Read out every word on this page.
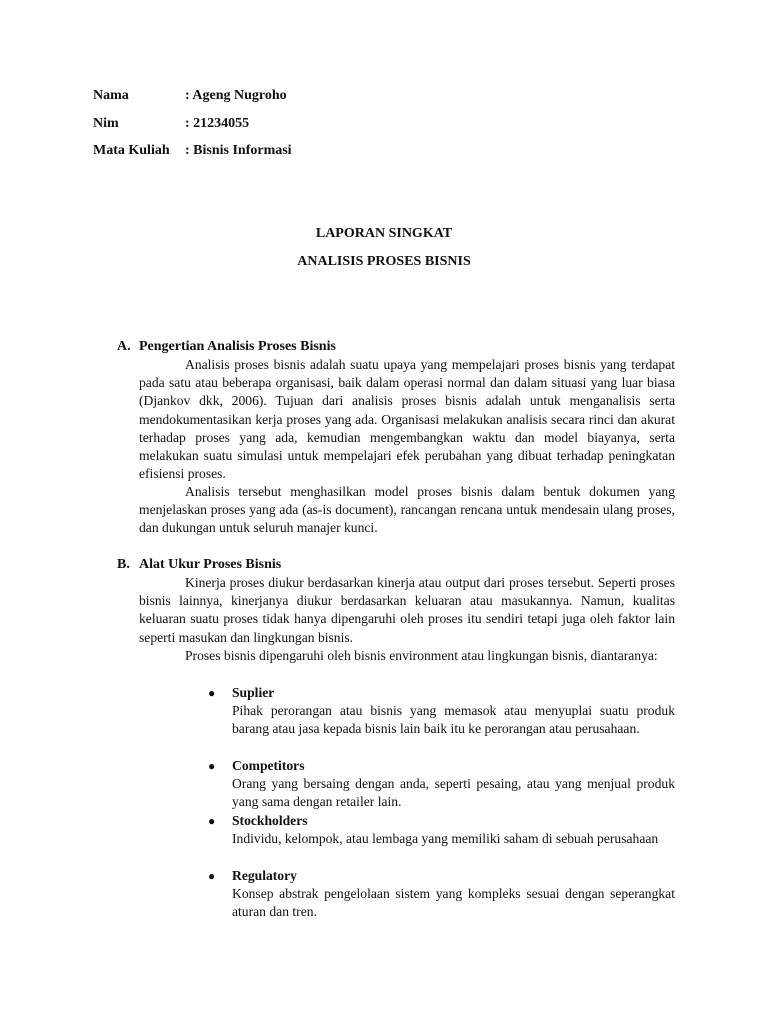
Nama	: Ageng Nugroho
Nim	: 21234055
Mata Kuliah	: Bisnis Informasi
LAPORAN SINGKAT
ANALISIS PROSES BISNIS
A. Pengertian Analisis Proses Bisnis

Analisis proses bisnis adalah suatu upaya yang mempelajari proses bisnis yang terdapat pada satu atau beberapa organisasi, baik dalam operasi normal dan dalam situasi yang luar biasa (Djankov dkk, 2006). Tujuan dari analisis proses bisnis adalah untuk menganalisis serta mendokumentasikan kerja proses yang ada. Organisasi melakukan analisis secara rinci dan akurat terhadap proses yang ada, kemudian mengembangkan waktu dan model biayanya, serta melakukan suatu simulasi untuk mempelajari efek perubahan yang dibuat terhadap peningkatan efisiensi proses.

Analisis tersebut menghasilkan model proses bisnis dalam bentuk dokumen yang menjelaskan proses yang ada (as-is document), rancangan rencana untuk mendesain ulang proses, dan dukungan untuk seluruh manajer kunci.

B. Alat Ukur Proses Bisnis

Kinerja proses diukur berdasarkan kinerja atau output dari proses tersebut. Seperti proses bisnis lainnya, kinerjanya diukur berdasarkan keluaran atau masukannya. Namun, kualitas keluaran suatu proses tidak hanya dipengaruhi oleh proses itu sendiri tetapi juga oleh faktor lain seperti masukan dan lingkungan bisnis.

Proses bisnis dipengaruhi oleh bisnis environment atau lingkungan bisnis, diantaranya:

●	Suplier
Pihak perorangan atau bisnis yang memasok atau menyuplai suatu produk barang atau jasa kepada bisnis lain baik itu ke perorangan atau perusahaan.
●	Competitors
Orang yang bersaing dengan anda, seperti pesaing, atau yang menjual produk yang sama dengan retailer lain.
●	Stockholders
Individu, kelompok, atau lembaga yang memiliki saham di sebuah perusahaan
●	Regulatory
Konsep abstrak pengelolaan sistem yang kompleks sesuai dengan seperangkat aturan dan tren.
